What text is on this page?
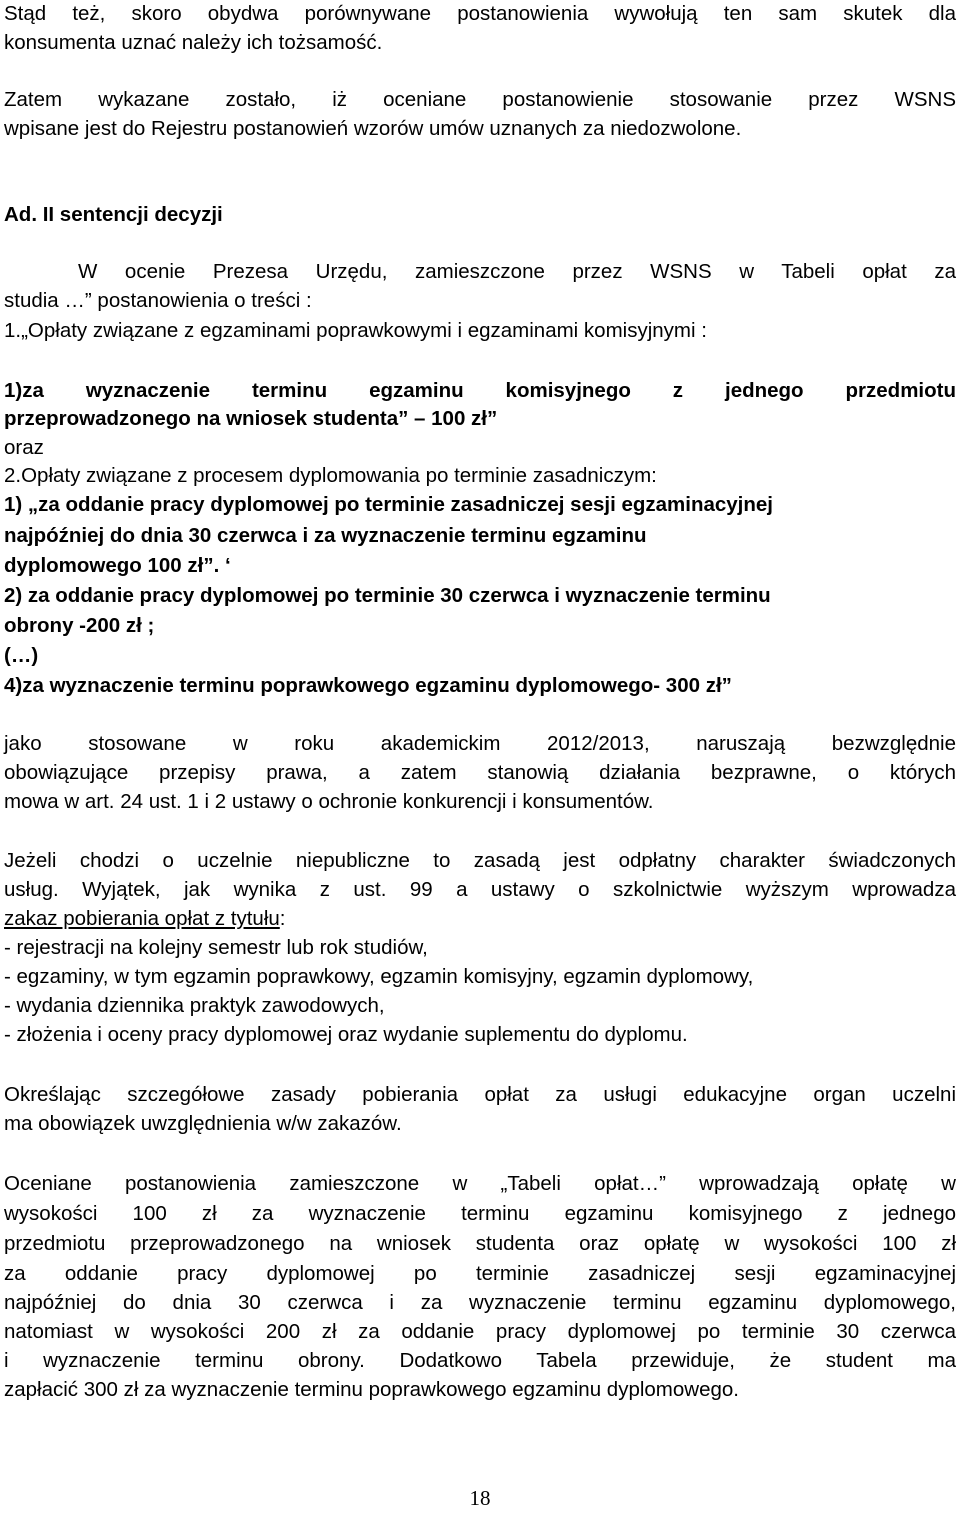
Stąd też, skoro obydwa porównywane postanowienia wywołują ten sam skutek dla
konsumenta uznać należy ich tożsamość.
Zatem wykazane zostało, iż oceniane postanowienie stosowanie przez WSNS
wpisane jest do Rejestru postanowień wzorów umów uznanych za niedozwolone.
Ad. II sentencji decyzji
W ocenie Prezesa Urzędu, zamieszczone przez WSNS w Tabeli opłat za
studia …” postanowienia o treści :
1.„Opłaty związane z egzaminami poprawkowymi i egzaminami komisyjnymi :
1)za wyznaczenie terminu egzaminu komisyjnego z jednego przedmiotu
przeprowadzonego na wniosek studenta” – 100 zł”
oraz
2.Opłaty związane z procesem dyplomowania po terminie zasadniczym:
1) „za oddanie pracy dyplomowej po terminie zasadniczej sesji egzaminacyjnej
najpóźniej do dnia 30 czerwca i za wyznaczenie terminu egzaminu
dyplomowego 100 zł”. ‘
2) za oddanie pracy dyplomowej po terminie 30 czerwca i wyznaczenie terminu
obrony -200 zł ;
(…)
4)za wyznaczenie terminu poprawkowego egzaminu dyplomowego- 300 zł”
jako stosowane w roku akademickim 2012/2013, naruszają bezwzględnie
obowiązujące przepisy prawa, a zatem stanowią działania bezprawne, o których
mowa w art. 24 ust. 1 i 2 ustawy o ochronie konkurencji i konsumentów.
Jeżeli chodzi o uczelnie niepubliczne to zasadą jest odpłatny charakter świadczonych
usług. Wyjątek, jak wynika z ust. 99 a ustawy o szkolnictwie wyższym wprowadza
zakaz pobierania opłat z tytułu:
- rejestracji na kolejny semestr lub rok studiów,
- egzaminy, w tym egzamin poprawkowy, egzamin komisyjny, egzamin dyplomowy,
- wydania dziennika praktyk zawodowych,
- złożenia i oceny pracy dyplomowej oraz wydanie suplementu do dyplomu.
Określając szczegółowe zasady pobierania opłat za usługi edukacyjne organ uczelni
ma obowiązek uwzględnienia w/w zakazów.
Oceniane postanowienia zamieszczone w „Tabeli opłat…” wprowadzają opłatę w
wysokości 100 zł za wyznaczenie terminu egzaminu komisyjnego z jednego
przedmiotu przeprowadzonego na wniosek studenta oraz opłatę w wysokości 100 zł
za oddanie pracy dyplomowej po terminie zasadniczej sesji egzaminacyjnej
najpóźniej do dnia 30 czerwca i za wyznaczenie terminu egzaminu dyplomowego,
natomiast w wysokości 200 zł za oddanie pracy dyplomowej po terminie 30 czerwca
i wyznaczenie terminu obrony. Dodatkowo Tabela przewiduje, że student ma
zapłacić 300 zł za wyznaczenie terminu poprawkowego egzaminu dyplomowego.
18
